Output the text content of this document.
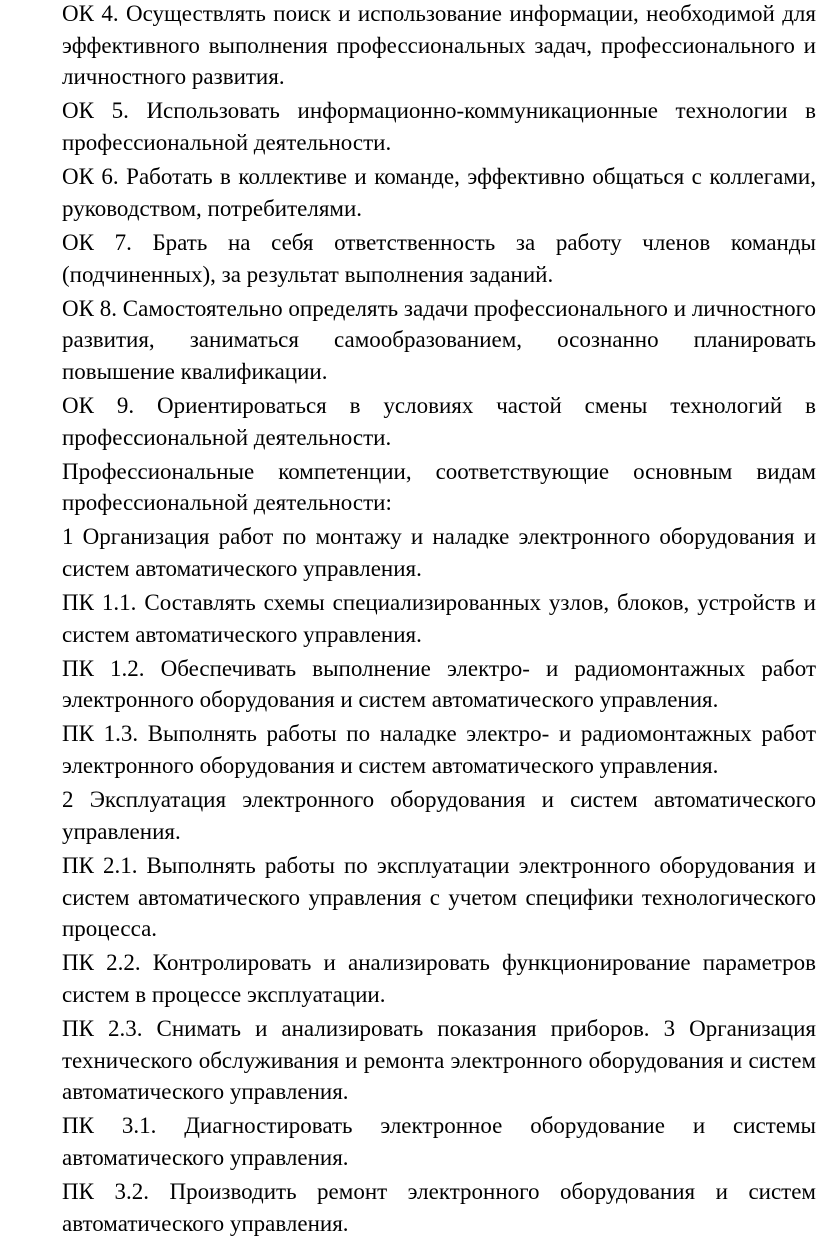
ОК 4. Осуществлять поиск и использование информации, необходимой для эффективного выполнения профессиональных задач, профессионального и личностного развития.

ОК 5. Использовать информационно-коммуникационные технологии в профессиональной деятельности.

ОК 6. Работать в коллективе и команде, эффективно общаться с коллегами, руководством, потребителями.

ОК 7. Брать на себя ответственность за работу членов команды (подчиненных), за результат выполнения заданий.

ОК 8. Самостоятельно определять задачи профессионального и личностного развития, заниматься самообразованием, осознанно планировать повышение квалификации.

ОК 9. Ориентироваться в условиях частой смены технологий в профессиональной деятельности.

Профессиональные компетенции, соответствующие основным видам профессиональной деятельности:

1 Организация работ по монтажу и наладке электронного оборудования и систем автоматического управления.

ПК 1.1. Составлять схемы специализированных узлов, блоков, устройств и систем автоматического управления.

ПК 1.2. Обеспечивать выполнение электро- и радиомонтажных работ электронного оборудования и систем автоматического управления.

ПК 1.3. Выполнять работы по наладке электро- и радиомонтажных работ электронного оборудования и систем автоматического управления.

2 Эксплуатация электронного оборудования и систем автоматического управления.

ПК 2.1. Выполнять работы по эксплуатации электронного оборудования и систем автоматического управления с учетом специфики технологического процесса.

ПК 2.2. Контролировать и анализировать функционирование параметров систем в процессе эксплуатации.

ПК 2.3. Снимать и анализировать показания приборов. 3 Организация технического обслуживания и ремонта электронного оборудования и систем автоматического управления.

ПК 3.1. Диагностировать электронное оборудование и системы автоматического управления.

ПК 3.2. Производить ремонт электронного оборудования и систем автоматического управления.
